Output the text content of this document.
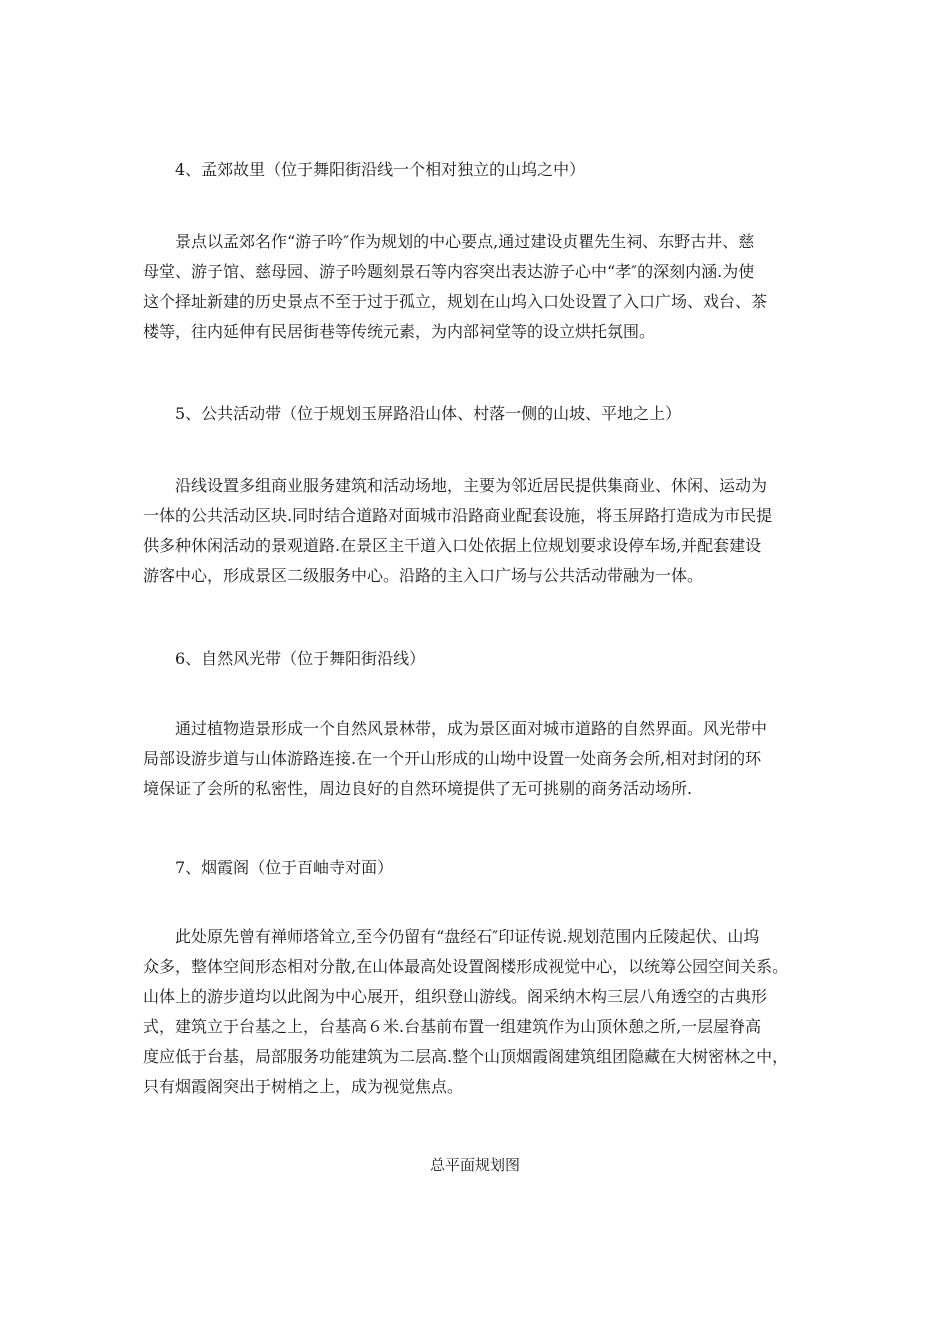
4、孟郊故里（位于舞阳街沿线一个相对独立的山坞之中）
景点以孟郊名作“游子吟″作为规划的中心要点,通过建设贞瞿先生祠、东野古井、慈
母堂、游子馆、慈母园、游子吟题刻景石等内容突出表达游子心中“孝″的深刻内涵.为使
这个择址新建的历史景点不至于过于孤立，规划在山坞入口处设置了入口广场、戏台、茶
楼等，往内延伸有民居街巷等传统元素，为内部祠堂等的设立烘托氛围。
5、公共活动带（位于规划玉屏路沿山体、村落一侧的山坡、平地之上）
沿线设置多组商业服务建筑和活动场地，主要为邻近居民提供集商业、休闲、运动为
一体的公共活动区块.同时结合道路对面城市沿路商业配套设施，将玉屏路打造成为市民提
供多种休闲活动的景观道路.在景区主干道入口处依据上位规划要求设停车场,并配套建设
游客中心，形成景区二级服务中心。沿路的主入口广场与公共活动带融为一体。
6、自然风光带（位于舞阳街沿线）
通过植物造景形成一个自然风景林带，成为景区面对城市道路的自然界面。风光带中
局部设游步道与山体游路连接.在一个开山形成的山坳中设置一处商务会所,相对封闭的环
境保证了会所的私密性，周边良好的自然环境提供了无可挑剔的商务活动场所.
7、烟霞阁（位于百岫寺对面）
此处原先曾有禅师塔耸立,至今仍留有“盘经石″印证传说.规划范围内丘陵起伏、山坞
众多，整体空间形态相对分散,在山体最高处设置阁楼形成视觉中心，以统筹公园空间关系。
山体上的游步道均以此阁为中心展开，组织登山游线。阁采纳木构三层八角透空的古典形
式，建筑立于台基之上，台基高６米.台基前布置一组建筑作为山顶休憩之所,一层屋脊高
度应低于台基，局部服务功能建筑为二层高.整个山顶烟霞阁建筑组团隐藏在大树密林之中，
只有烟霞阁突出于树梢之上，成为视觉焦点。
总平面规划图
